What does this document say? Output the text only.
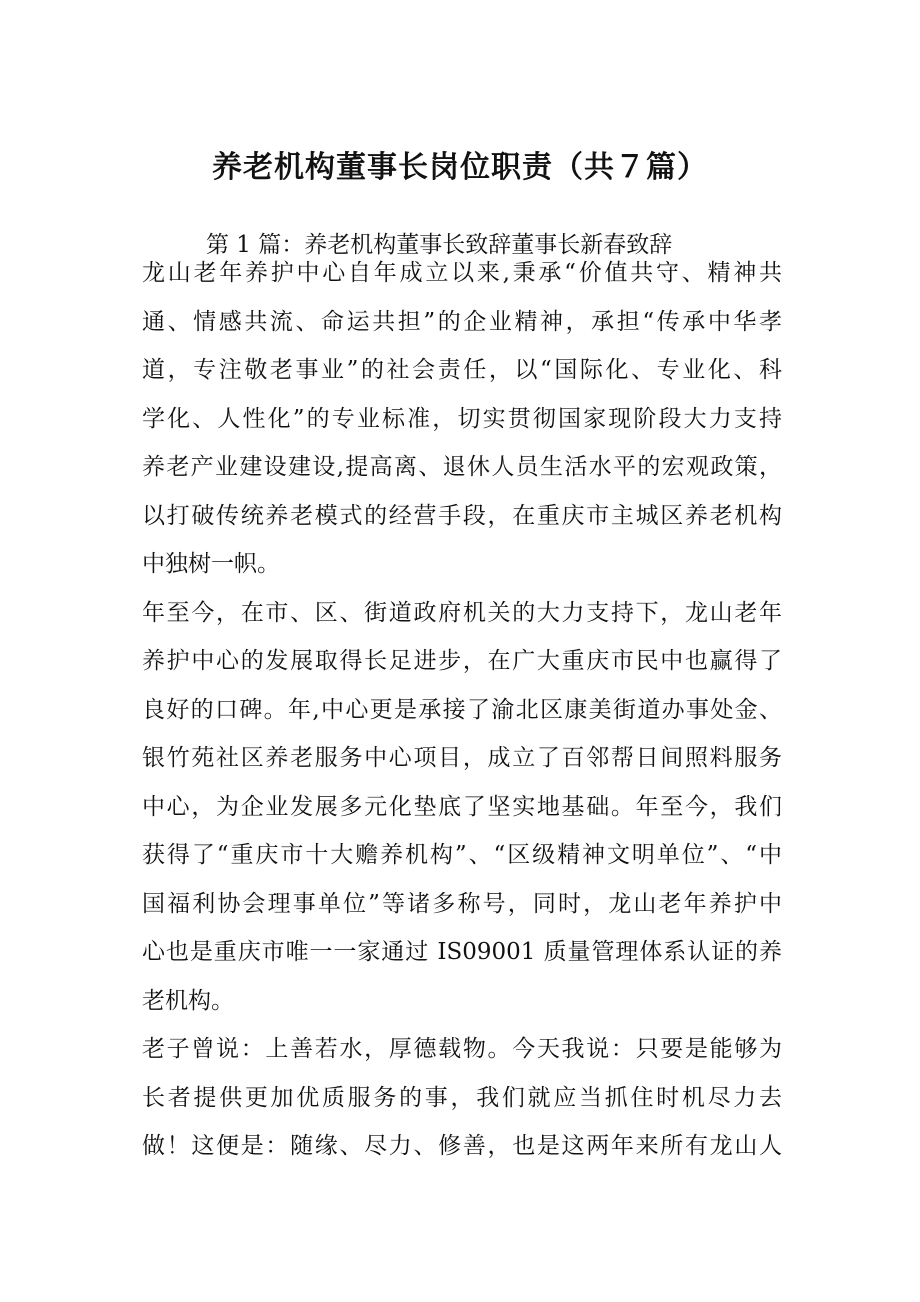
养老机构董事长岗位职责（共７篇）
第 1 篇：养老机构董事长致辞董事长新春致辞

龙山老年养护中心自年成立以来,秉承“价值共守、精神共
通、情感共流、命运共担”的企业精神，承担“传承中华孝
道，专注敬老事业”的社会责任，以“国际化、专业化、科
学化、人性化”的专业标准，切实贯彻国家现阶段大力支持
养老产业建设建设,提高离、退休人员生活水平的宏观政策，
以打破传统养老模式的经营手段，在重庆市主城区养老机构
中独树一帜。

年至今，在市、区、街道政府机关的大力支持下，龙山老年
养护中心的发展取得长足进步，在广大重庆市民中也赢得了
良好的口碑。年,中心更是承接了渝北区康美街道办事处金、
银竹苑社区养老服务中心项目，成立了百邻帮日间照料服务
中心，为企业发展多元化垫底了坚实地基础。年至今，我们
获得了“重庆市十大赡养机构”、“区级精神文明单位”、“中
国福利协会理事单位”等诸多称号，同时，龙山老年养护中
心也是重庆市唯一一家通过 IS09001 质量管理体系认证的养
老机构。

老子曾说：上善若水，厚德载物。今天我说：只要是能够为
长者提供更加优质服务的事，我们就应当抓住时机尽力去
做！这便是：随缘、尽力、修善，也是这两年来所有龙山人
